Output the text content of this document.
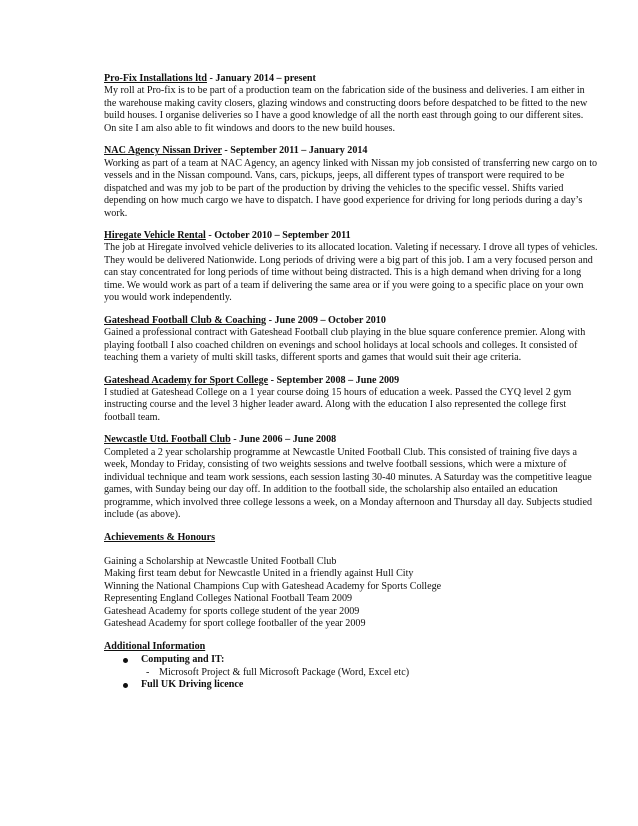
Pro-Fix Installations ltd - January 2014 – present

My roll at Pro-fix is to be part of a production team on the fabrication side of the business and deliveries. I am either in the warehouse making cavity closers, glazing windows and constructing doors before despatched to be fitted to the new build houses. I organise deliveries so I have a good knowledge of all the north east through going to our different sites. On site I am also able to fit windows and doors to the new build houses.

NAC Agency Nissan Driver - September 2011 – January 2014

Working as part of a team at NAC Agency, an agency linked with Nissan my job consisted of transferring new cargo on to vessels and in the Nissan compound. Vans, cars, pickups, jeeps, all different types of transport were required to be dispatched and was my job to be part of the production by driving the vehicles to the specific vessel. Shifts varied depending on how much cargo we have to dispatch. I have good experience for driving for long periods during a day’s work.

Hiregate Vehicle Rental - October 2010 – September 2011

The job at Hiregate involved vehicle deliveries to its allocated location. Valeting if necessary. I drove all types of vehicles. They would be delivered Nationwide. Long periods of driving were a big part of this job. I am a very focused person and can stay concentrated for long periods of time without being distracted. This is a high demand when driving for a long time. We would work as part of a team if delivering the same area or if you were going to a specific place on your own you would work independently.

Gateshead Football Club & Coaching - June 2009 – October 2010

Gained a professional contract with Gateshead Football club playing in the blue square conference premier. Along with playing football I also coached children on evenings and school holidays at local schools and colleges. It consisted of teaching them a variety of multi skill tasks, different sports and games that would suit their age criteria.

Gateshead Academy for Sport College - September 2008 – June 2009

I studied at Gateshead College on a 1 year course doing 15 hours of education a week. Passed the CYQ level 2 gym instructing course and the level 3 higher leader award. Along with the education I also represented the college first football team.

Newcastle Utd. Football Club - June 2006 – June 2008

Completed a 2 year scholarship programme at Newcastle United Football Club. This consisted of training five days a week, Monday to Friday, consisting of two weights sessions and twelve football sessions, which were a mixture of individual technique and team work sessions, each session lasting 30-40 minutes. A Saturday was the competitive league games, with Sunday being our day off. In addition to the football side, the scholarship also entailed an education programme, which involved three college lessons a week, on a Monday afternoon and Thursday all day. Subjects studied include (as above).

Achievements & Honours
Gaining a Scholarship at Newcastle United Football Club
Making first team debut for Newcastle United in a friendly against Hull City
Winning the National Champions Cup with Gateshead Academy for Sports College
Representing England Colleges National Football Team 2009
Gateshead Academy for sports college student of the year 2009
Gateshead Academy for sport college footballer of the year 2009
Additional Information
Computing and IT:
- Microsoft Project & full Microsoft Package (Word, Excel etc)
Full UK Driving licence
